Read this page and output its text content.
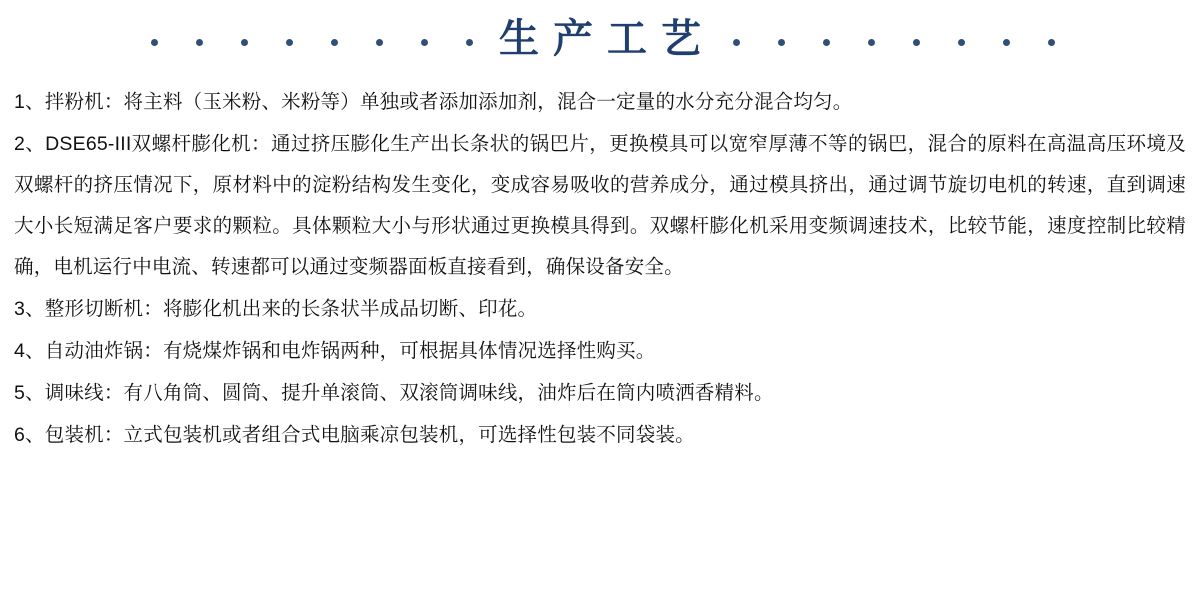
生产工艺

1、拌粉机：将主料（玉米粉、米粉等）单独或者添加添加剂，混合一定量的水分充分混合均匀。

2、DSE65-III双螺杆膨化机：通过挤压膨化生产出长条状的锅巴片，更换模具可以宽窄厚薄不等的锅巴，混合的原料在高温高压环境及双螺杆的挤压情况下，原材料中的淀粉结构发生变化，变成容易吸收的营养成分，通过模具挤出，通过调节旋切电机的转速，直到调速大小长短满足客户要求的颗粒。具体颗粒大小与形状通过更换模具得到。双螺杆膨化机采用变频调速技术，比较节能，速度控制比较精确，电机运行中电流、转速都可以通过变频器面板直接看到，确保设备安全。

3、整形切断机：将膨化机出来的长条状半成品切断、印花。

4、自动油炸锅：有烧煤炸锅和电炸锅两种，可根据具体情况选择性购买。

5、调味线：有八角筒、圆筒、提升单滚筒、双滚筒调味线，油炸后在筒内喷洒香精料。

6、包装机：立式包装机或者组合式电脑乘凉包装机，可选择性包装不同袋装。
